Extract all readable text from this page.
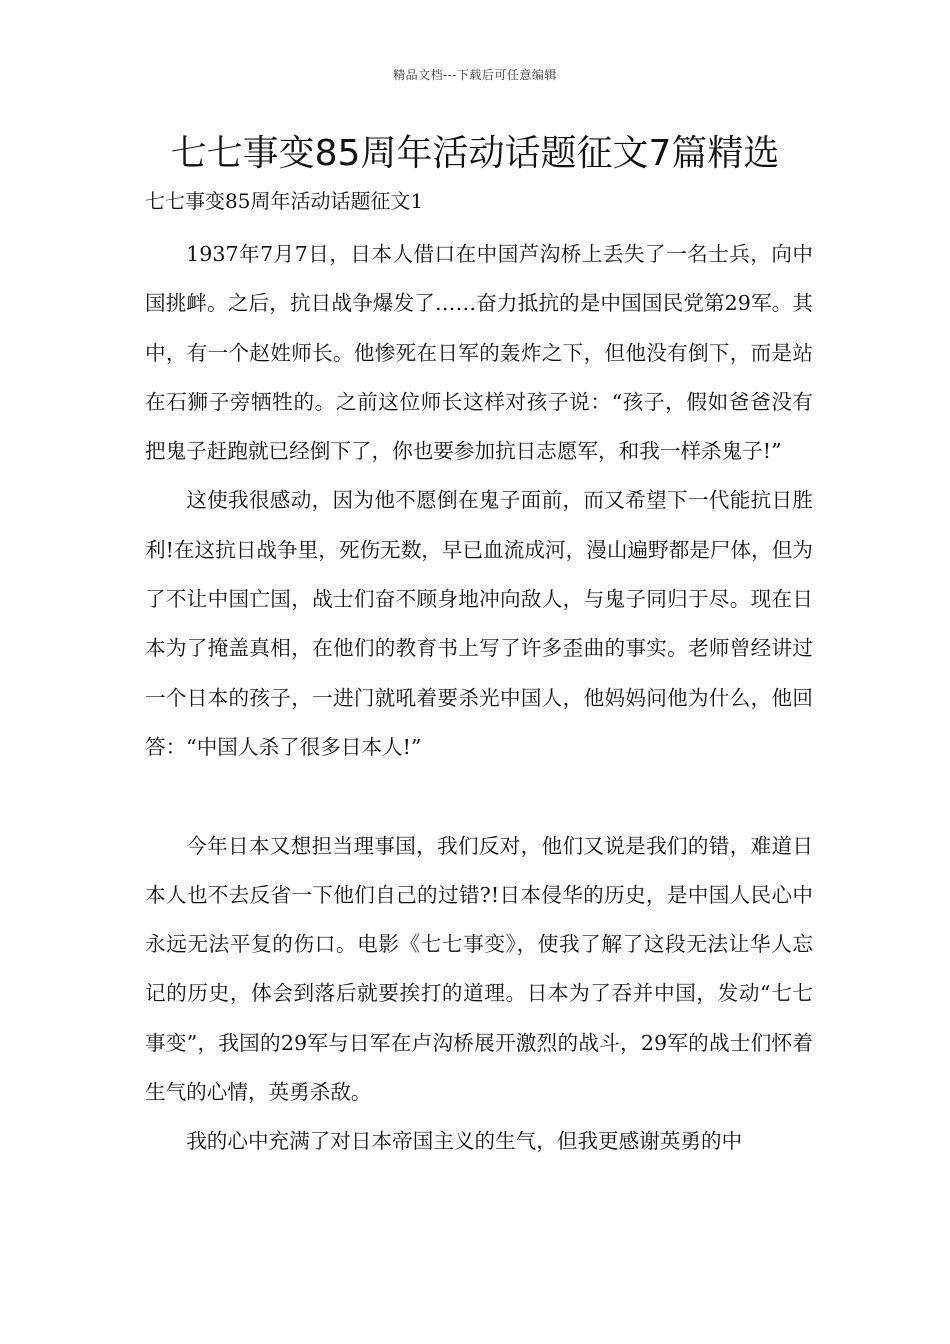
精品文档---下载后可任意编辑
七七事变85周年活动话题征文7篇精选
七七事变85周年活动话题征文1

1937年7月7日，日本人借口在中国芦沟桥上丢失了一名士兵，向中国挑衅。之后，抗日战争爆发了……奋力抵抗的是中国国民党第29军。其中，有一个赵姓师长。他惨死在日军的轰炸之下，但他没有倒下，而是站在石狮子旁牺牲的。之前这位师长这样对孩子说：“孩子，假如爸爸没有把鬼子赶跑就已经倒下了，你也要参加抗日志愿军，和我一样杀鬼子!”

这使我很感动，因为他不愿倒在鬼子面前，而又希望下一代能抗日胜利!在这抗日战争里，死伤无数，早已血流成河，漫山遍野都是尸体，但为了不让中国亡国，战士们奋不顾身地冲向敌人，与鬼子同归于尽。现在日本为了掩盖真相，在他们的教育书上写了许多歪曲的事实。老师曾经讲过一个日本的孩子，一进门就吼着要杀光中国人，他妈妈问他为什么，他回答：“中国人杀了很多日本人!”

今年日本又想担当理事国，我们反对，他们又说是我们的错，难道日本人也不去反省一下他们自己的过错?!日本侵华的历史，是中国人民心中永远无法平复的伤口。电影《七七事变》，使我了解了这段无法让华人忘记的历史，体会到落后就要挨打的道理。日本为了吞并中国，发动“七七事变”，我国的29军与日军在卢沟桥展开激烈的战斗，29军的战士们怀着生气的心情，英勇杀敌。

我的心中充满了对日本帝国主义的生气，但我更感谢英勇的中
